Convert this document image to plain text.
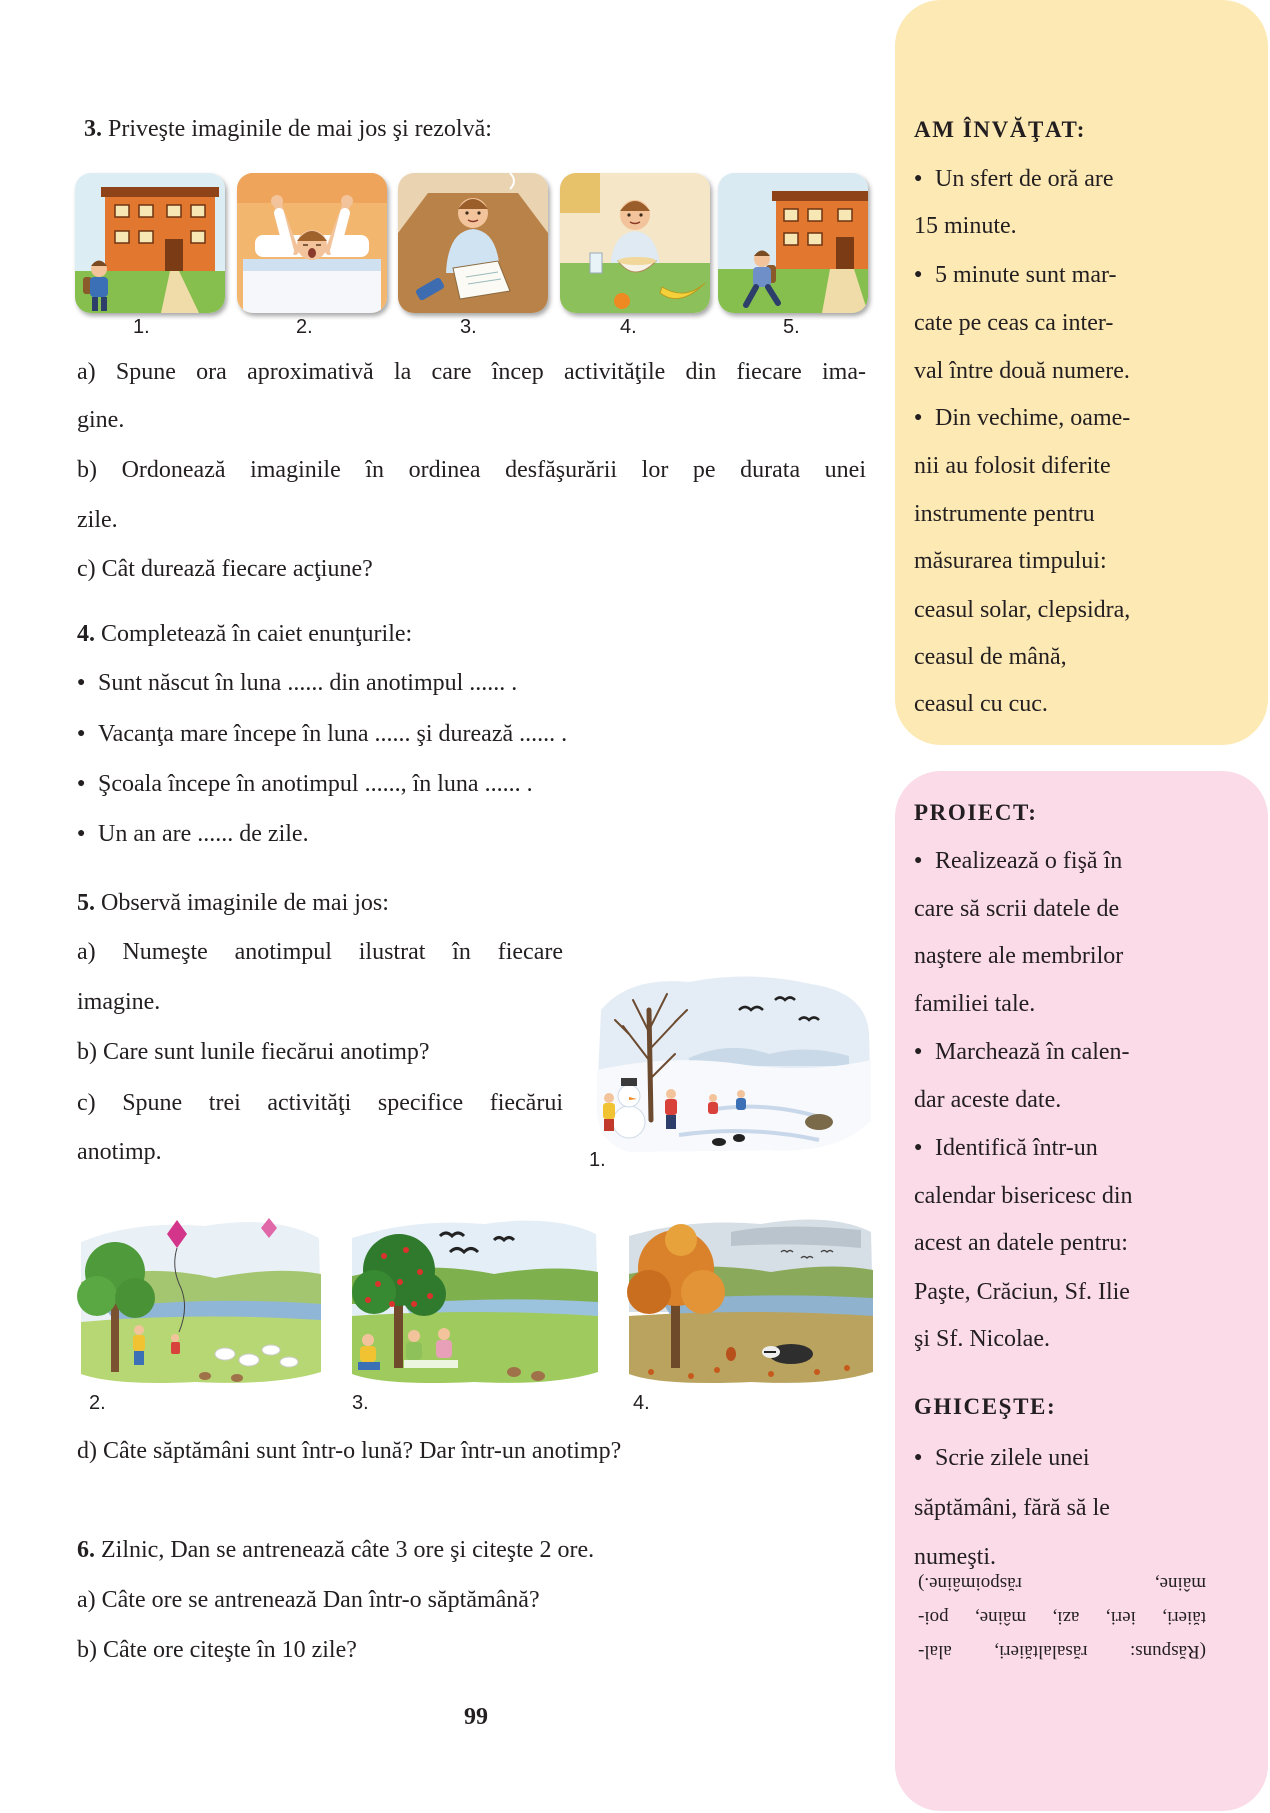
3. Priveşte imaginile de mai jos şi rezolvă:
1.	2.	3.	4.	5.
a) Spune ora aproximativă la care încep activităţile din fiecare ima-
gine.
b) Ordonează imaginile în ordinea desfăşurării lor pe durata unei
zile.
c) Cât durează fiecare acţiune?
4. Completează în caiet enunţurile:
● Sunt născut în luna ...... din anotimpul ...... .
● Vacanţa mare începe în luna ...... şi durează ...... .
● Şcoala începe în anotimpul ......, în luna ...... .
● Un an are ...... de zile.
5. Observă imaginile de mai jos:
a) Numeşte anotimpul ilustrat în fiecare
imagine.
b) Care sunt lunile fiecărui anotimp?
c) Spune trei activităţi specifice fiecărui
anotimp.	1.
2.	3.	4.
d) Câte săptămâni sunt într-o lună? Dar într-un anotimp?
6. Zilnic, Dan se antrenează câte 3 ore şi citeşte 2 ore.
a) Câte ore se antrenează Dan într-o săptămână?
b) Câte ore citeşte în 10 zile?
99
AM ÎNVĂŢAT:
● Un sfert de oră are
15 minute.
● 5 minute sunt mar-
cate pe ceas ca inter-
val între două numere.
● Din vechime, oame-
nii au folosit diferite
instrumente pentru
măsurarea timpului:
ceasul solar, clepsidra,
ceasul de mână,
ceasul cu cuc.
PROIECT:
● Realizează o fişă în
care să scrii datele de
naştere ale membrilor
familiei tale.
● Marchează în calen-
dar aceste date.
● Identifică într-un
calendar bisericesc din
acest an datele pentru:
Paşte, Crăciun, Sf. Ilie
şi Sf. Nicolae.
GHICEŞTE:
● Scrie zilele unei
săptămâni, fără să le
numeşti.
(Răspuns: răsalaltăieri, alal-
tăieri, ieri, azi, mâine, poi-
mâine, răspoimâine.)
